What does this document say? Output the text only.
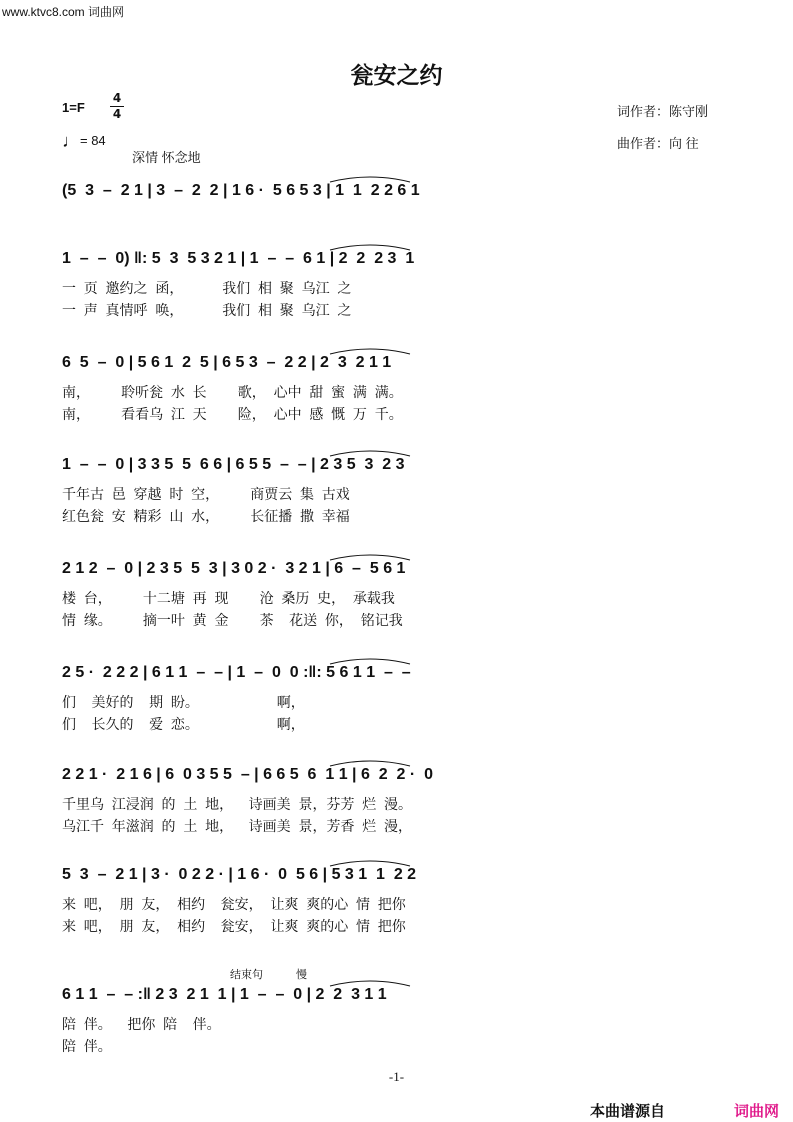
www.ktvc8.com 词曲网
瓮安之约
1=F
4
4
♩= 84
深情 怀念地
词作者：陈守刚
曲作者：向 往
(5  3  –  2 1 | 3  –  2  2 | 1 6 ·  5 6 5 3 | 1  1  2 2 6 1
1  –  –  0) ‖: 5  3  5 3 2 1 | 1  –  –  6 1 | 2  2  2 3  1
一  页  邀约之  函，          我们  相  聚  乌江  之
一  声  真情呼  唤，          我们  相  聚  乌江  之
6  5  –  0 | 5 6 1  2  5 | 6 5 3  –  2 2 | 2  3  2 1 1
南，        聆听瓮  水  长        歌，  心中  甜  蜜  满  满。
南，        看看乌  江  天        险，  心中  感  慨  万  千。
1  –  –  0 | 3 3 5  5  6 6 | 6 5 5  –  – | 2 3 5  3  2 3
千年古  邑  穿越  时  空，        商贾云  集  古戏
红色瓮  安  精彩  山  水，        长征播  撒  幸福
2 1 2  –  0 | 2 3 5  5  3 | 3 0 2 ·  3 2 1 | 6  –  5 6 1
楼  台，        十二塘  再  现        沧  桑历  史，  承载我
情  缘。        摘一叶  黄  金        茶    花送  你，  铭记我
2 5 ·  2 2 2 | 6 1 1  –  – | 1  –  0  0 :‖: 5 6 1 1  –  –
们    美好的    期  盼。                    啊，
们    长久的    爱  恋。                    啊，
2 2 1 ·  2 1 6 | 6  0 3 5 5  – | 6 6 5  6  1 1 | 6  2  2 ·  0
千里乌  江浸润  的  土  地，    诗画美  景，芬芳  烂  漫。
乌江千  年滋润  的  土  地，    诗画美  景，芳香  烂  漫，
5  3  –  2 1 | 3 ·  0 2 2 · | 1 6 ·  0  5 6 | 5 3 1  1  2 2
来  吧，  朋  友，  相约    瓮安，  让爽  爽的心  情  把你
来  吧，  朋  友，  相约    瓮安，  让爽  爽的心  情  把你
6 1 1  –  – :‖ 2 3  2 1  1 | 1  –  –  0 | 2  2  3 1 1
陪  伴。    把你  陪    伴。
陪  伴。
结束句	慢
-1-
本曲谱源自	词曲网
